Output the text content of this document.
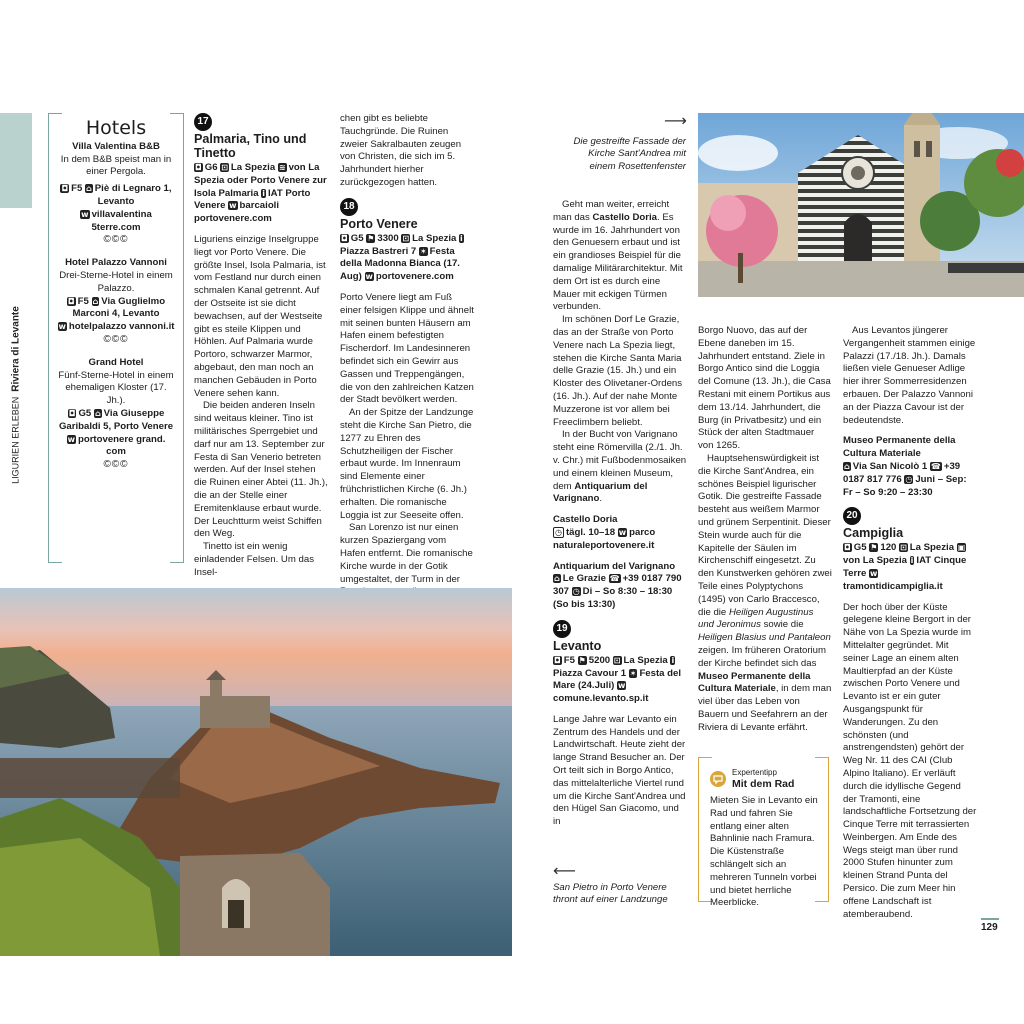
LIGURIEN ERLEBEN  Riviera di Levante
Hotels
Villa Valentina B&B
In dem B&B speist man in einer Pergola.
◘ F5 ⌂ Piè di Legnaro 1, Levanto
w villavalentina 5terre.com
©©©
Hotel Palazzo Vannoni
Drei-Sterne-Hotel in einem Palazzo.
◘ F5 ⌂ Via Guglielmo Marconi 4, Levanto
w hotelpalazzo vannoni.it
©©©
Grand Hotel
Fünf-Sterne-Hotel in einem ehemaligen Kloster (17. Jh.).
◘ G5 ⌂ Via Giuseppe Garibaldi 5, Porto Venere
w portovenere grand. com
©©©
17
Palmaria, Tino und Tinetto
◘ G6 ⊡ La Spezia ≋ von La Spezia oder Porto Venere zur Isola Palmaria i IAT Porto Venere w barcaioli portovenere.com

Liguriens einzige Inselgruppe liegt vor Porto Venere. Die größte Insel, Isola Palmaria, ist vom Festland nur durch einen schmalen Kanal getrennt. Auf der Ostseite ist sie dicht bewachsen, auf der Westseite gibt es steile Klippen und Höhlen. Auf Palmaria wurde Portoro, schwarzer Marmor, abgebaut, den man noch an manchen Gebäuden in Porto Venere sehen kann.

Die beiden anderen Inseln sind weitaus kleiner. Tino ist militärisches Sperrgebiet und darf nur am 13. September zur Festa di San Venerio betreten werden. Auf der Insel stehen die Ruinen einer Abtei (11. Jh.), die an der Stelle einer Eremitenklause erbaut wurde. Der Leuchtturm weist Schiffen den Weg.

Tinetto ist ein wenig einladender Felsen. Um das Insel-

chen gibt es beliebte Tauchgründe. Die Ruinen zweier Sakralbauten zeugen von Christen, die sich im 5. Jahrhundert hierher zurückgezogen hatten.

18
Porto Venere
◘ G5 ⚑ 3300 ⊡ La Spezia iPiazza Bastreri 7 ✶ Festa della Madonna Bianca (17. Aug) w portovenere.com

Porto Venere liegt am Fuß einer felsigen Klippe und ähnelt mit seinen bunten Häusern am Hafen einem befestigten Fischerdorf. Im Landesinneren befindet sich ein Gewirr aus Gassen und Treppengängen, die von den zahlreichen Katzen der Stadt bevölkert werden.

An der Spitze der Landzunge steht die Kirche San Pietro, die 1277 zu Ehren des Schutzheiligen der Fischer erbaut wurde. Im Innenraum sind Elemente einer frühchristlichen Kirche (6. Jh.) erhalten. Die romanische Loggia ist zur Seeseite offen.

San Lorenzo ist nur einen kurzen Spaziergang vom Hafen entfernt. Die romanische Kirche wurde in der Gotik umgestaltet, der Turm in der

⟵
San Pietro in Porto Venere thront auf einer Landzunge
⟶
Die gestreifte Fassade der Kirche Sant'Andrea mit einem Rosettenfenster

Geht man weiter, erreicht man das Castello Doria. Es wurde im 16. Jahrhundert von den Genuesern erbaut und ist ein grandioses Beispiel für die damalige Militärarchitektur. Mit dem Ort ist es durch eine Mauer mit eckigen Türmen verbunden.

Im schönen Dorf Le Grazie, das an der Straße von Porto Venere nach La Spezia liegt, stehen die Kirche Santa Maria delle Grazie (15. Jh.) und ein Kloster des Olivetaner-Ordens (16. Jh.). Auf der nahe Monte Muzzerone ist vor allem bei Freeclimbern beliebt.

In der Bucht von Varignano steht eine Römervilla (2./1. Jh. v. Chr.) mit Fußbodenmosaiken und einem kleinen Museum, dem Antiquarium del Varignano.

Castello Doria
◷ tägl. 10–18 w parco naturaleportovenere.it
Antiquarium del Varignano
⌂ Le Grazie ☎ +39 0187 790 307 ◷ Di – So 8:30 – 18:30 (So bis 13:30)
19
Levanto
◘ F5 ⚑ 5200 ⊡ La Spezia iPiazza Cavour 1 ✶ Festa del Mare (24.Juli) wcomune.levanto.sp.it

Lange Jahre war Levanto ein Zentrum des Handels und der Landwirtschaft. Heute zieht der lange Strand Besucher an. Der Ort teilt sich in Borgo Antico, das mittelalterliche Viertel rund um die Kirche Sant'Andrea und den Hügel San Giacomo, und in

Borgo Nuovo, das auf der Ebene daneben im 15. Jahrhundert entstand. Ziele in Borgo Antico sind die Loggia del Comune (13. Jh.), die Casa Restani mit einem Portikus aus dem 13./14. Jahrhundert, die Burg (in Privatbesitz) und ein Stück der alten Stadtmauer von 1265.

Hauptsehenswürdigkeit ist die Kirche Sant'Andrea, ein schönes Beispiel ligurischer Gotik. Die gestreifte Fassade besteht aus weißem Marmor und grünem Serpentinit. Dieser Stein wurde auch für die Kapitelle der Säulen im Kirchenschiff eingesetzt. Zu den Kunstwerken gehören zwei Teile eines Polyptychons (1495) von Carlo Braccesco, die die Heiligen Augustinus und Jeronimus sowie die Heiligen Blasius und Pantaleon zeigen. Im früheren Oratorium der Kirche befindet sich das Museo Permanente della Cultura Materiale, in dem man viel über das Leben von Bauern und Seefahrern an der Riviera di Levante erfährt.

Expertentipp
Mit dem Rad
Mieten Sie in Levanto ein Rad und fahren Sie entlang einer alten Bahnlinie nach Framura. Die Küstenstraße schlängelt sich an mehreren Tunneln vorbei und bietet herrliche Meerblicke.

Aus Levantos jüngerer Vergangenheit stammen einige Palazzi (17./18. Jh.). Damals ließen viele Genueser Adlige hier ihrer Sommerresidenzen erbauen. Der Palazzo Vannoni an der Piazza Cavour ist der bedeutendste.

Museo Permanente della Cultura Materiale
⌂ Via San Nicolò 1 ☎ +39 0187 817 776 ◷ Juni – Sep: Fr – So 9:20 – 23:30
20
Campiglia
◘ G5 ⚑ 120 ⊡ La Spezia ▣von La Spezia i IAT Cinque Terre wtramontidicampiglia.it

Der hoch über der Küste gelegene kleine Bergort in der Nähe von La Spezia wurde im Mittelalter gegründet. Mit seiner Lage an einem alten Maultierpfad an der Küste zwischen Porto Venere und Levanto ist er ein guter Ausgangspunkt für Wanderungen. Zu den schönsten (und anstrengendsten) gehört der Weg Nr. 11 des CAI (Club Alpino Italiano). Er verläuft durch die idyllische Gegend der Tramonti, eine landschaftliche Fortsetzung der Cinque Terre mit terrassierten Weinbergen. Am Ende des Wegs steigt man über rund 2000 Stufen hinunter zum kleinen Strand Punta del Persico. Die zum Meer hin offene Landschaft ist atemberaubend.

129
